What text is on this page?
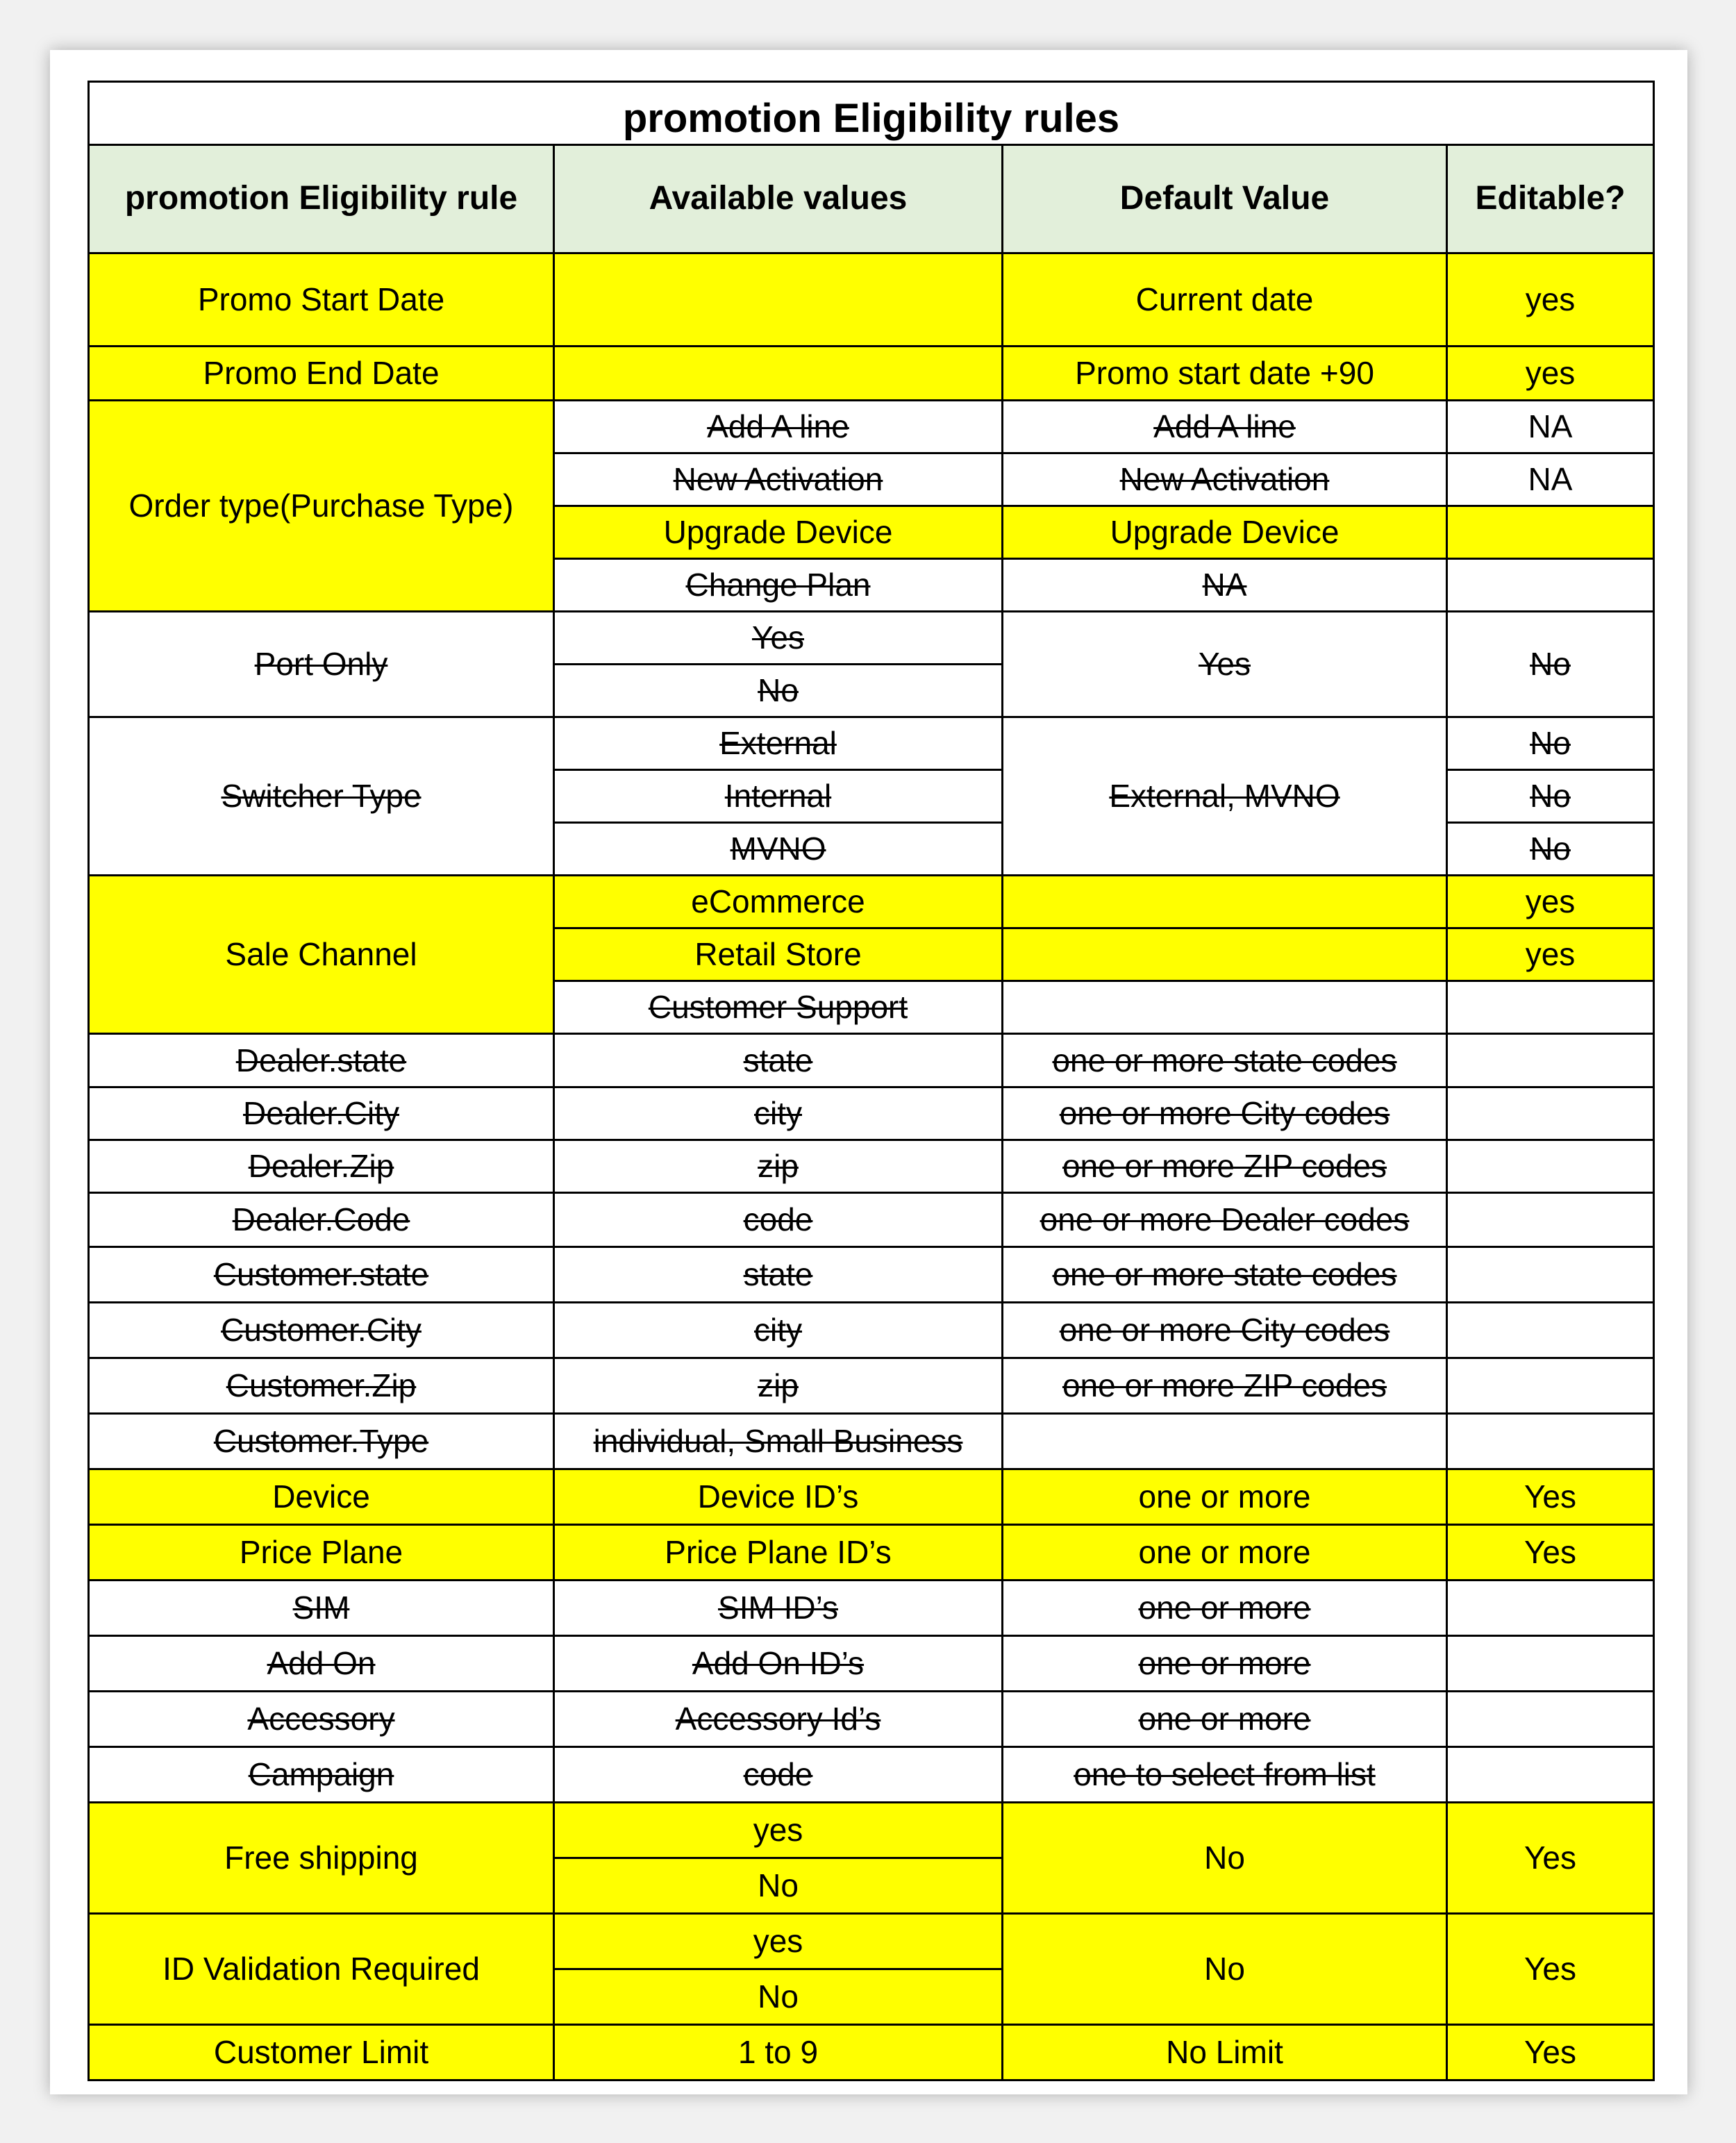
promotion Eligibility rules			
promotion Eligibility rule	Available values	Default Value	Editable?
Promo Start Date		Current date	yes
Promo End Date		Promo start date +90	yes
Order type(Purchase Type)	Add A line	Add A line	NA
	New Activation	New Activation	NA
	Upgrade Device	Upgrade Device	
	Change Plan	NA	
Port Only	Yes	Yes	No
	No		
Switcher Type	External	External, MVNO	No
	Internal		No
	MVNO		No
Sale Channel	eCommerce		yes
	Retail Store		yes
	Customer Support		
Dealer.state	state	one or more state codes	
Dealer.City	city	one or more City codes	
Dealer.Zip	zip	one or more ZIP codes	
Dealer.Code	code	one or more Dealer codes	
Customer.state	state	one or more state codes	
Customer.City	city	one or more City codes	
Customer.Zip	zip	one or more ZIP codes	
Customer.Type	individual, Small Business		
Device	Device ID’s	one or more	Yes
Price Plane	Price Plane ID’s	one or more	Yes
SIM	SIM ID’s	one or more	
Add On	Add On ID’s	one or more	
Accessory	Accessory Id’s	one or more	
Campaign	code	one to select from list	
Free shipping	yes	No	Yes
	No		
ID Validation Required	yes	No	Yes
	No		
Customer Limit	1 to 9	No Limit	Yes
